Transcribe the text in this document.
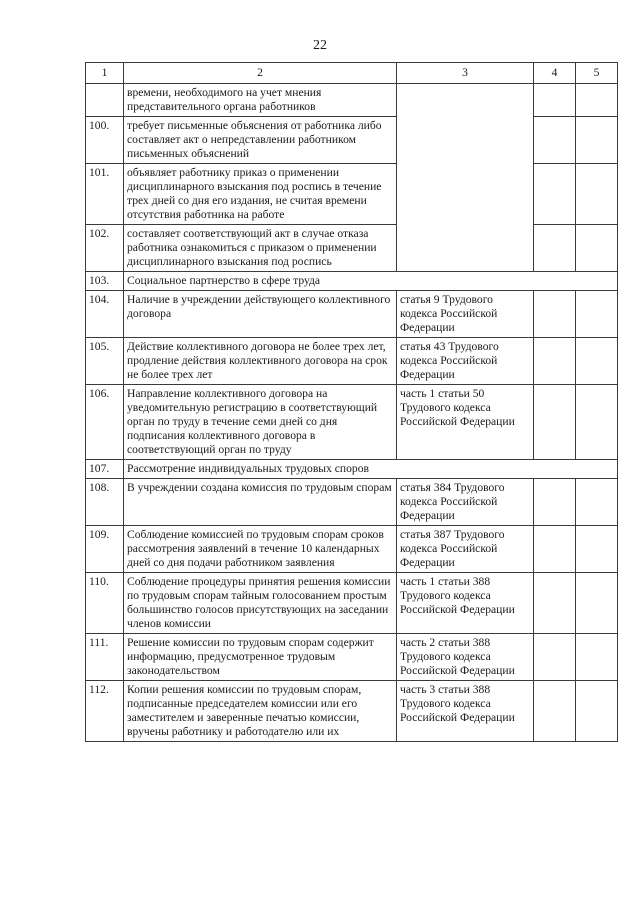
22
1	2	3	4	5
	времени, необходимого на учет мнения представительного органа работников			
100.	требует письменные объяснения от работника либо составляет акт о непредставлении работником письменных объяснений			
101.	объявляет работнику приказ о применении дисциплинарного взыскания под роспись в течение трех дней со дня его издания, не считая времени отсутствия работника на работе			
102.	составляет соответствующий акт в случае отказа работника ознакомиться с приказом о применении дисциплинарного взыскания под роспись			
103.	Социальное партнерство в сфере труда			
104.	Наличие в учреждении действующего коллективного договора	статья 9 Трудового кодекса Российской Федерации		
105.	Действие коллективного договора не более трех лет, продление действия коллективного договора на срок не более трех лет	статья 43 Трудового кодекса Российской Федерации		
106.	Направление коллективного договора на уведомительную регистрацию в соответствующий орган по труду в течение семи дней со дня подписания коллективного договора в соответствующий орган по труду	часть 1 статьи 50 Трудового кодекса Российской Федерации		
107.	Рассмотрение индивидуальных трудовых споров			
108.	В учреждении создана комиссия по трудовым спорам	статья 384 Трудового кодекса Российской Федерации		
109.	Соблюдение комиссией по трудовым спорам сроков рассмотрения заявлений в течение 10 календарных дней со дня подачи работником заявления	статья 387 Трудового кодекса Российской Федерации		
110.	Соблюдение процедуры принятия решения комиссии по трудовым спорам тайным голосованием простым большинство голосов присутствующих на заседании членов комиссии	часть 1 статьи 388 Трудового кодекса Российской Федерации		
111.	Решение комиссии по трудовым спорам содержит информацию, предусмотренное трудовым законодательством	часть 2 статьи 388 Трудового кодекса Российской Федерации		
112.	Копии решения комиссии по трудовым спорам, подписанные председателем комиссии или его заместителем и заверенные печатью комиссии, вручены работнику и работодателю или их	часть 3 статьи 388 Трудового кодекса Российской Федерации		
